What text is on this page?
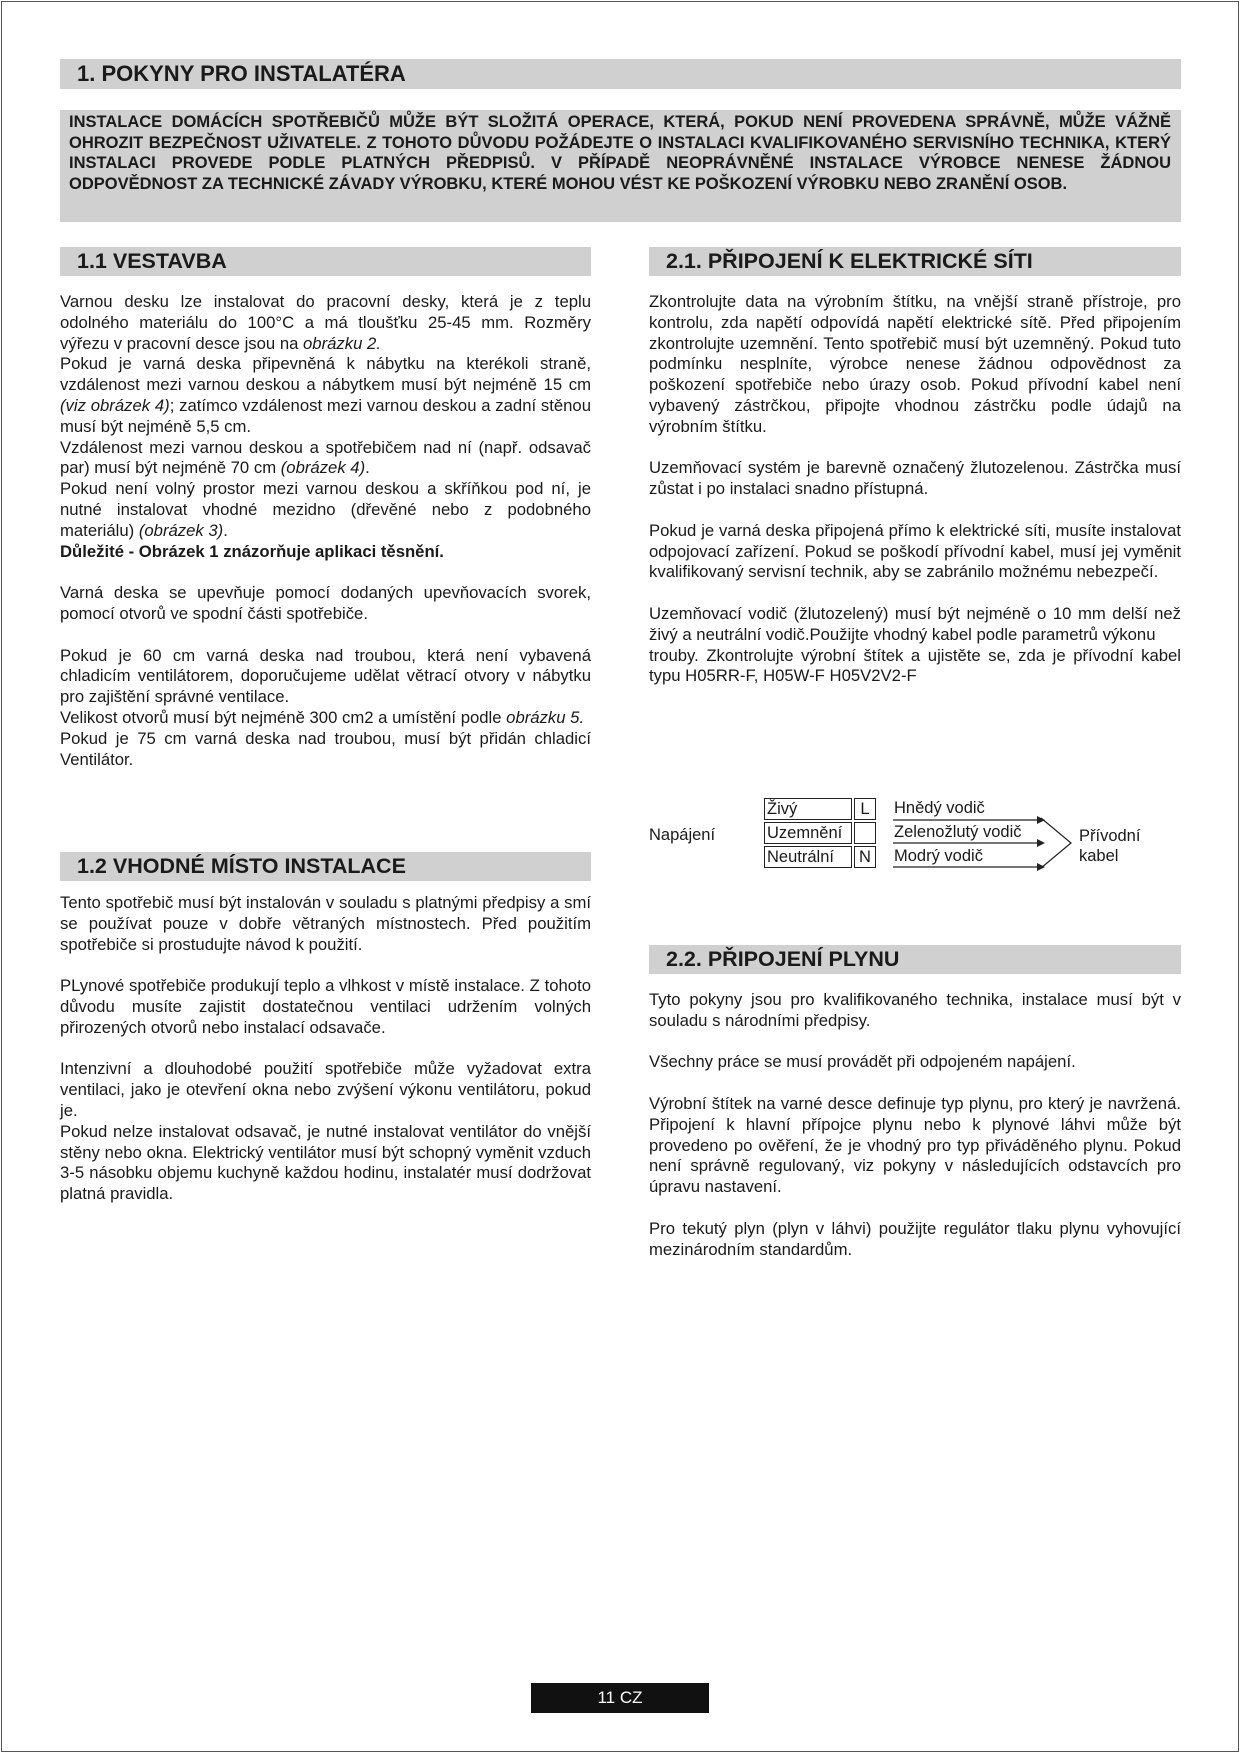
1. POKYNY PRO INSTALATÉRA
INSTALACE DOMÁCÍCH SPOTŘEBIČŮ MŮŽE BÝT SLOŽITÁ OPERACE, KTERÁ, POKUD NENÍ PROVEDENA SPRÁVNĚ, MŮŽE VÁŽNĚ OHROZIT BEZPEČNOST UŽIVATELE. Z TOHOTO DŮVODU POŽÁDEJTE O INSTALACI KVALIFIKOVANÉHO SERVISNÍHO TECHNIKA, KTERÝ INSTALACI PROVEDE PODLE PLATNÝCH PŘEDPISŮ. V PŘÍPADĚ NEOPRÁVNĚNÉ INSTALACE VÝROBCE NENESE ŽÁDNOU ODPOVĚDNOST ZA TECHNICKÉ ZÁVADY VÝROBKU, KTERÉ MOHOU VÉST KE POŠKOZENÍ VÝROBKU NEBO ZRANĚNÍ OSOB.
1.1 VESTAVBA

Varnou desku lze instalovat do pracovní desky, která je z teplu odolného materiálu do 100°C a má tloušťku 25-45 mm. Rozměry výřezu v pracovní desce jsou na obrázku 2.

Pokud je varná deska připevněná k nábytku na kterékoli straně, vzdálenost mezi varnou deskou a nábytkem musí být nejméně 15 cm (viz obrázek 4); zatímco vzdálenost mezi varnou deskou a zadní stěnou musí být nejméně 5,5 cm.

Vzdálenost mezi varnou deskou a spotřebičem nad ní (např. odsavač par) musí být nejméně 70 cm (obrázek 4).

Pokud není volný prostor mezi varnou deskou a skříňkou pod ní, je nutné instalovat vhodné mezidno (dřevěné nebo z podobného materiálu) (obrázek 3).

Důležité - Obrázek 1 znázorňuje aplikaci těsnění.

Varná deska se upevňuje pomocí dodaných upevňovacích svorek, pomocí otvorů ve spodní části spotřebiče.

Pokud je 60 cm varná deska nad troubou, která není vybavená chladicím ventilátorem, doporučujeme udělat větrací otvory v nábytku pro zajištění správné ventilace.

Velikost otvorů musí být nejméně 300 cm2 a umístění podle obrázku 5.

Pokud je 75 cm varná deska nad troubou, musí být přidán chladicí Ventilátor.

1.2 VHODNÉ MÍSTO INSTALACE

Tento spotřebič musí být instalován v souladu s platnými předpisy a smí se používat pouze v dobře větraných místnostech. Před použitím spotřebiče si prostudujte návod k použití.

PLynové spotřebiče produkují teplo a vlhkost v místě instalace. Z tohoto důvodu musíte zajistit dostatečnou ventilaci udržením volných přirozených otvorů nebo instalací odsavače.

Intenzivní a dlouhodobé použití spotřebiče může vyžadovat extra ventilaci, jako je otevření okna nebo zvýšení výkonu ventilátoru, pokud je.

Pokud nelze instalovat odsavač, je nutné instalovat ventilátor do vnější stěny nebo okna. Elektrický ventilátor musí být schopný vyměnit vzduch 3-5 násobku objemu kuchyně každou hodinu, instalatér musí dodržovat platná pravidla.

2.1. PŘIPOJENÍ K ELEKTRICKÉ SÍTI

Zkontrolujte data na výrobním štítku, na vnější straně přístroje, pro kontrolu, zda napětí odpovídá napětí elektrické sítě. Před připojením zkontrolujte uzemnění. Tento spotřebič musí být uzemněný. Pokud tuto podmínku nesplníte, výrobce nenese žádnou odpovědnost za poškození spotřebiče nebo úrazy osob. Pokud přívodní kabel není vybavený zástrčkou, připojte vhodnou zástrčku podle údajů na výrobním štítku.

Uzemňovací systém je barevně označený žlutozelenou. Zástrčka musí zůstat i po instalaci snadno přístupná.

Pokud je varná deska připojená přímo k elektrické síti, musíte instalovat odpojovací zařízení. Pokud se poškodí přívodní kabel, musí jej vyměnit kvalifikovaný servisní technik, aby se zabránilo možnému nebezpečí.

Uzemňovací vodič (žlutozelený) musí být nejméně o 10 mm delší než živý a neutrální vodič.Použijte vhodný kabel podle parametrů výkonu

trouby. Zkontrolujte výrobní štítek a ujistěte se, zda je přívodní kabel typu H05RR-F, H05W-F H05V2V2-F

Napájení
Živý
Uzemnění
Neutrální
L
N
Hnědý vodič
Zelenožlutý vodič
Modrý vodič
Přívodní
kabel
2.2. PŘIPOJENÍ PLYNU

Tyto pokyny jsou pro kvalifikovaného technika, instalace musí být v souladu s národními předpisy.

Všechny práce se musí provádět při odpojeném napájení.

Výrobní štítek na varné desce definuje typ plynu, pro který je navržená. Připojení k hlavní přípojce plynu nebo k plynové láhvi může být provedeno po ověření, že je vhodný pro typ přiváděného plynu. Pokud není správně regulovaný, viz pokyny v následujících odstavcích pro úpravu nastavení.

Pro tekutý plyn (plyn v láhvi) použijte regulátor tlaku plynu vyhovující mezinárodním standardům.

11 CZ
